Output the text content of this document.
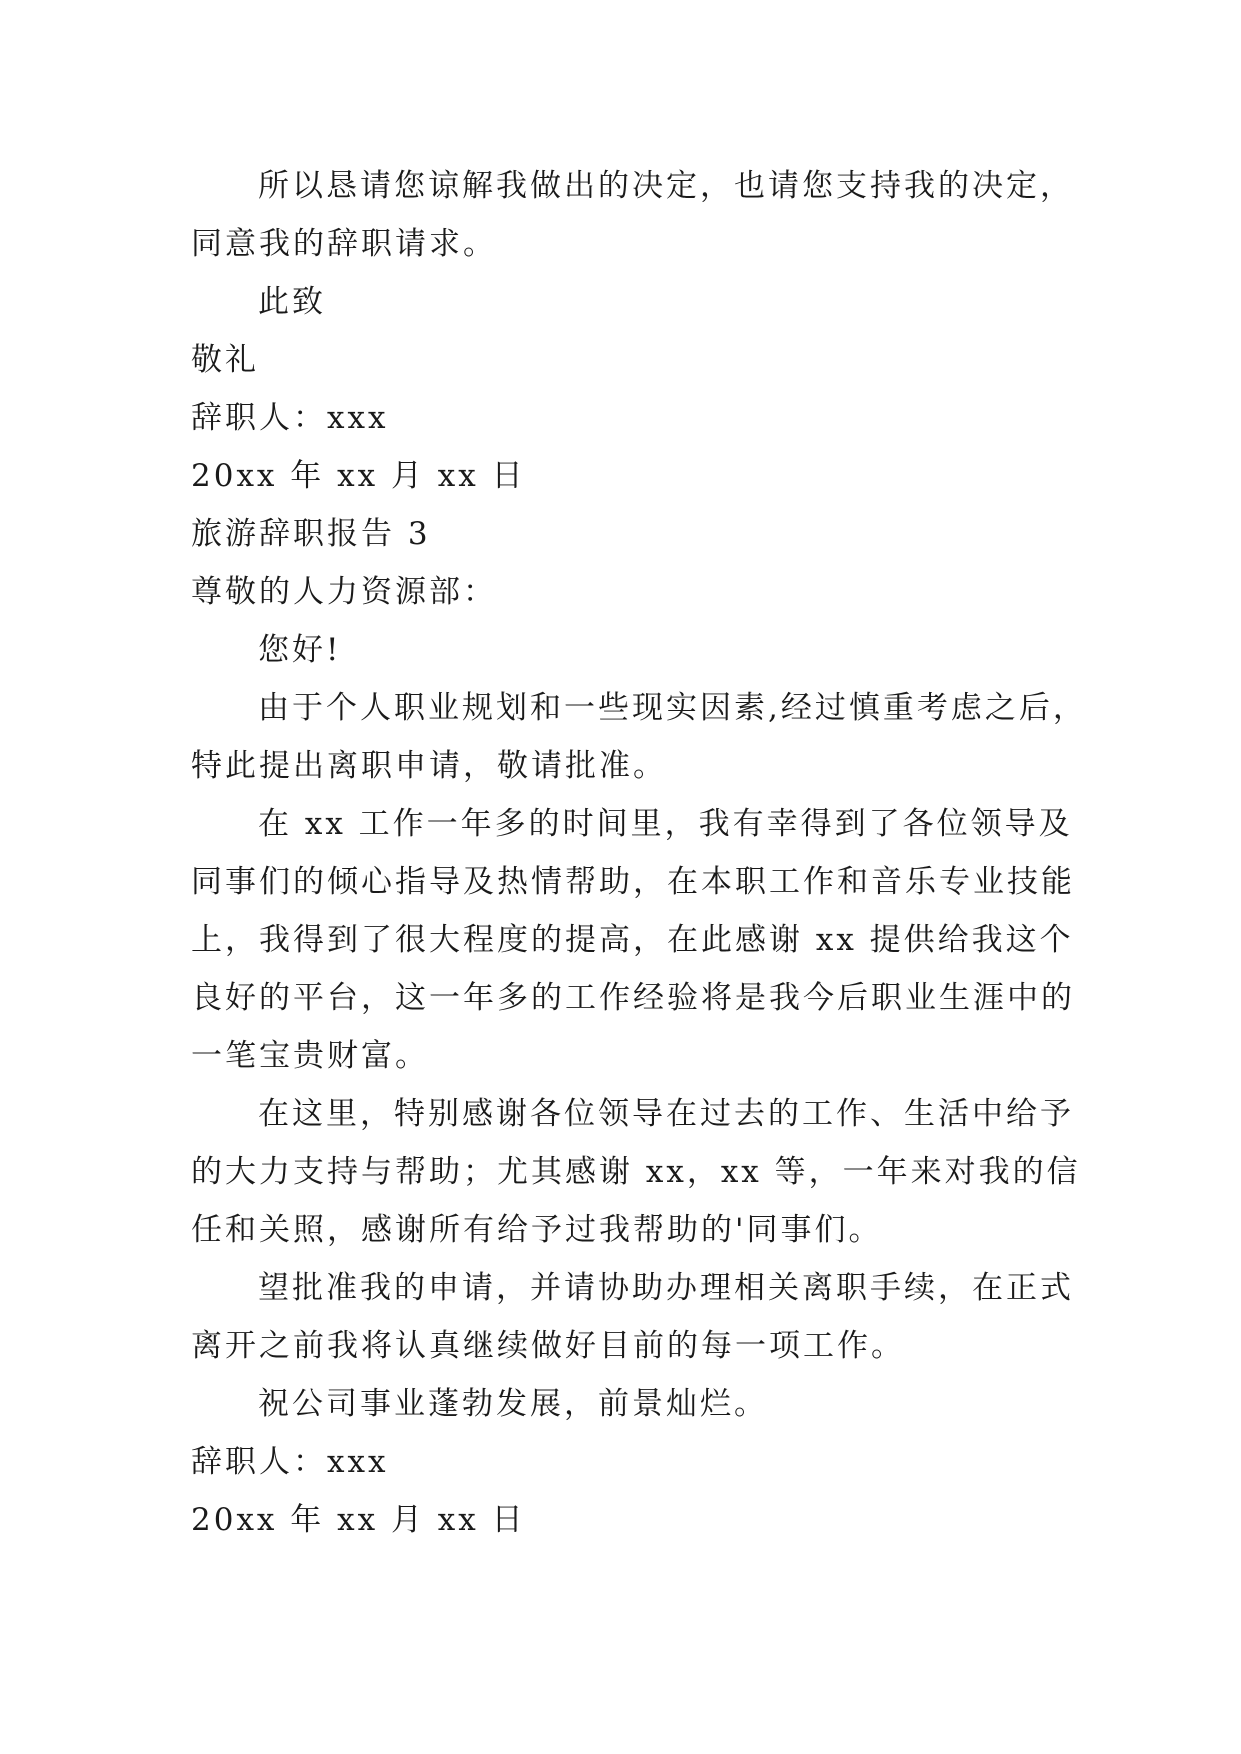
所以恳请您谅解我做出的决定，也请您支持我的决定，
同意我的辞职请求。
此致
敬礼
辞职人：xxx
20xx 年 xx 月 xx 日
旅游辞职报告 3
尊敬的人力资源部：
您好!
由于个人职业规划和一些现实因素,经过慎重考虑之后，
特此提出离职申请，敬请批准。
在 xx 工作一年多的时间里，我有幸得到了各位领导及
同事们的倾心指导及热情帮助，在本职工作和音乐专业技能
上，我得到了很大程度的提高，在此感谢 xx 提供给我这个
良好的平台，这一年多的工作经验将是我今后职业生涯中的
一笔宝贵财富。
在这里，特别感谢各位领导在过去的工作、生活中给予
的大力支持与帮助；尤其感谢 xx，xx 等，一年来对我的信
任和关照，感谢所有给予过我帮助的'同事们。
望批准我的申请，并请协助办理相关离职手续，在正式
离开之前我将认真继续做好目前的每一项工作。
祝公司事业蓬勃发展，前景灿烂。
辞职人：xxx
20xx 年 xx 月 xx 日
